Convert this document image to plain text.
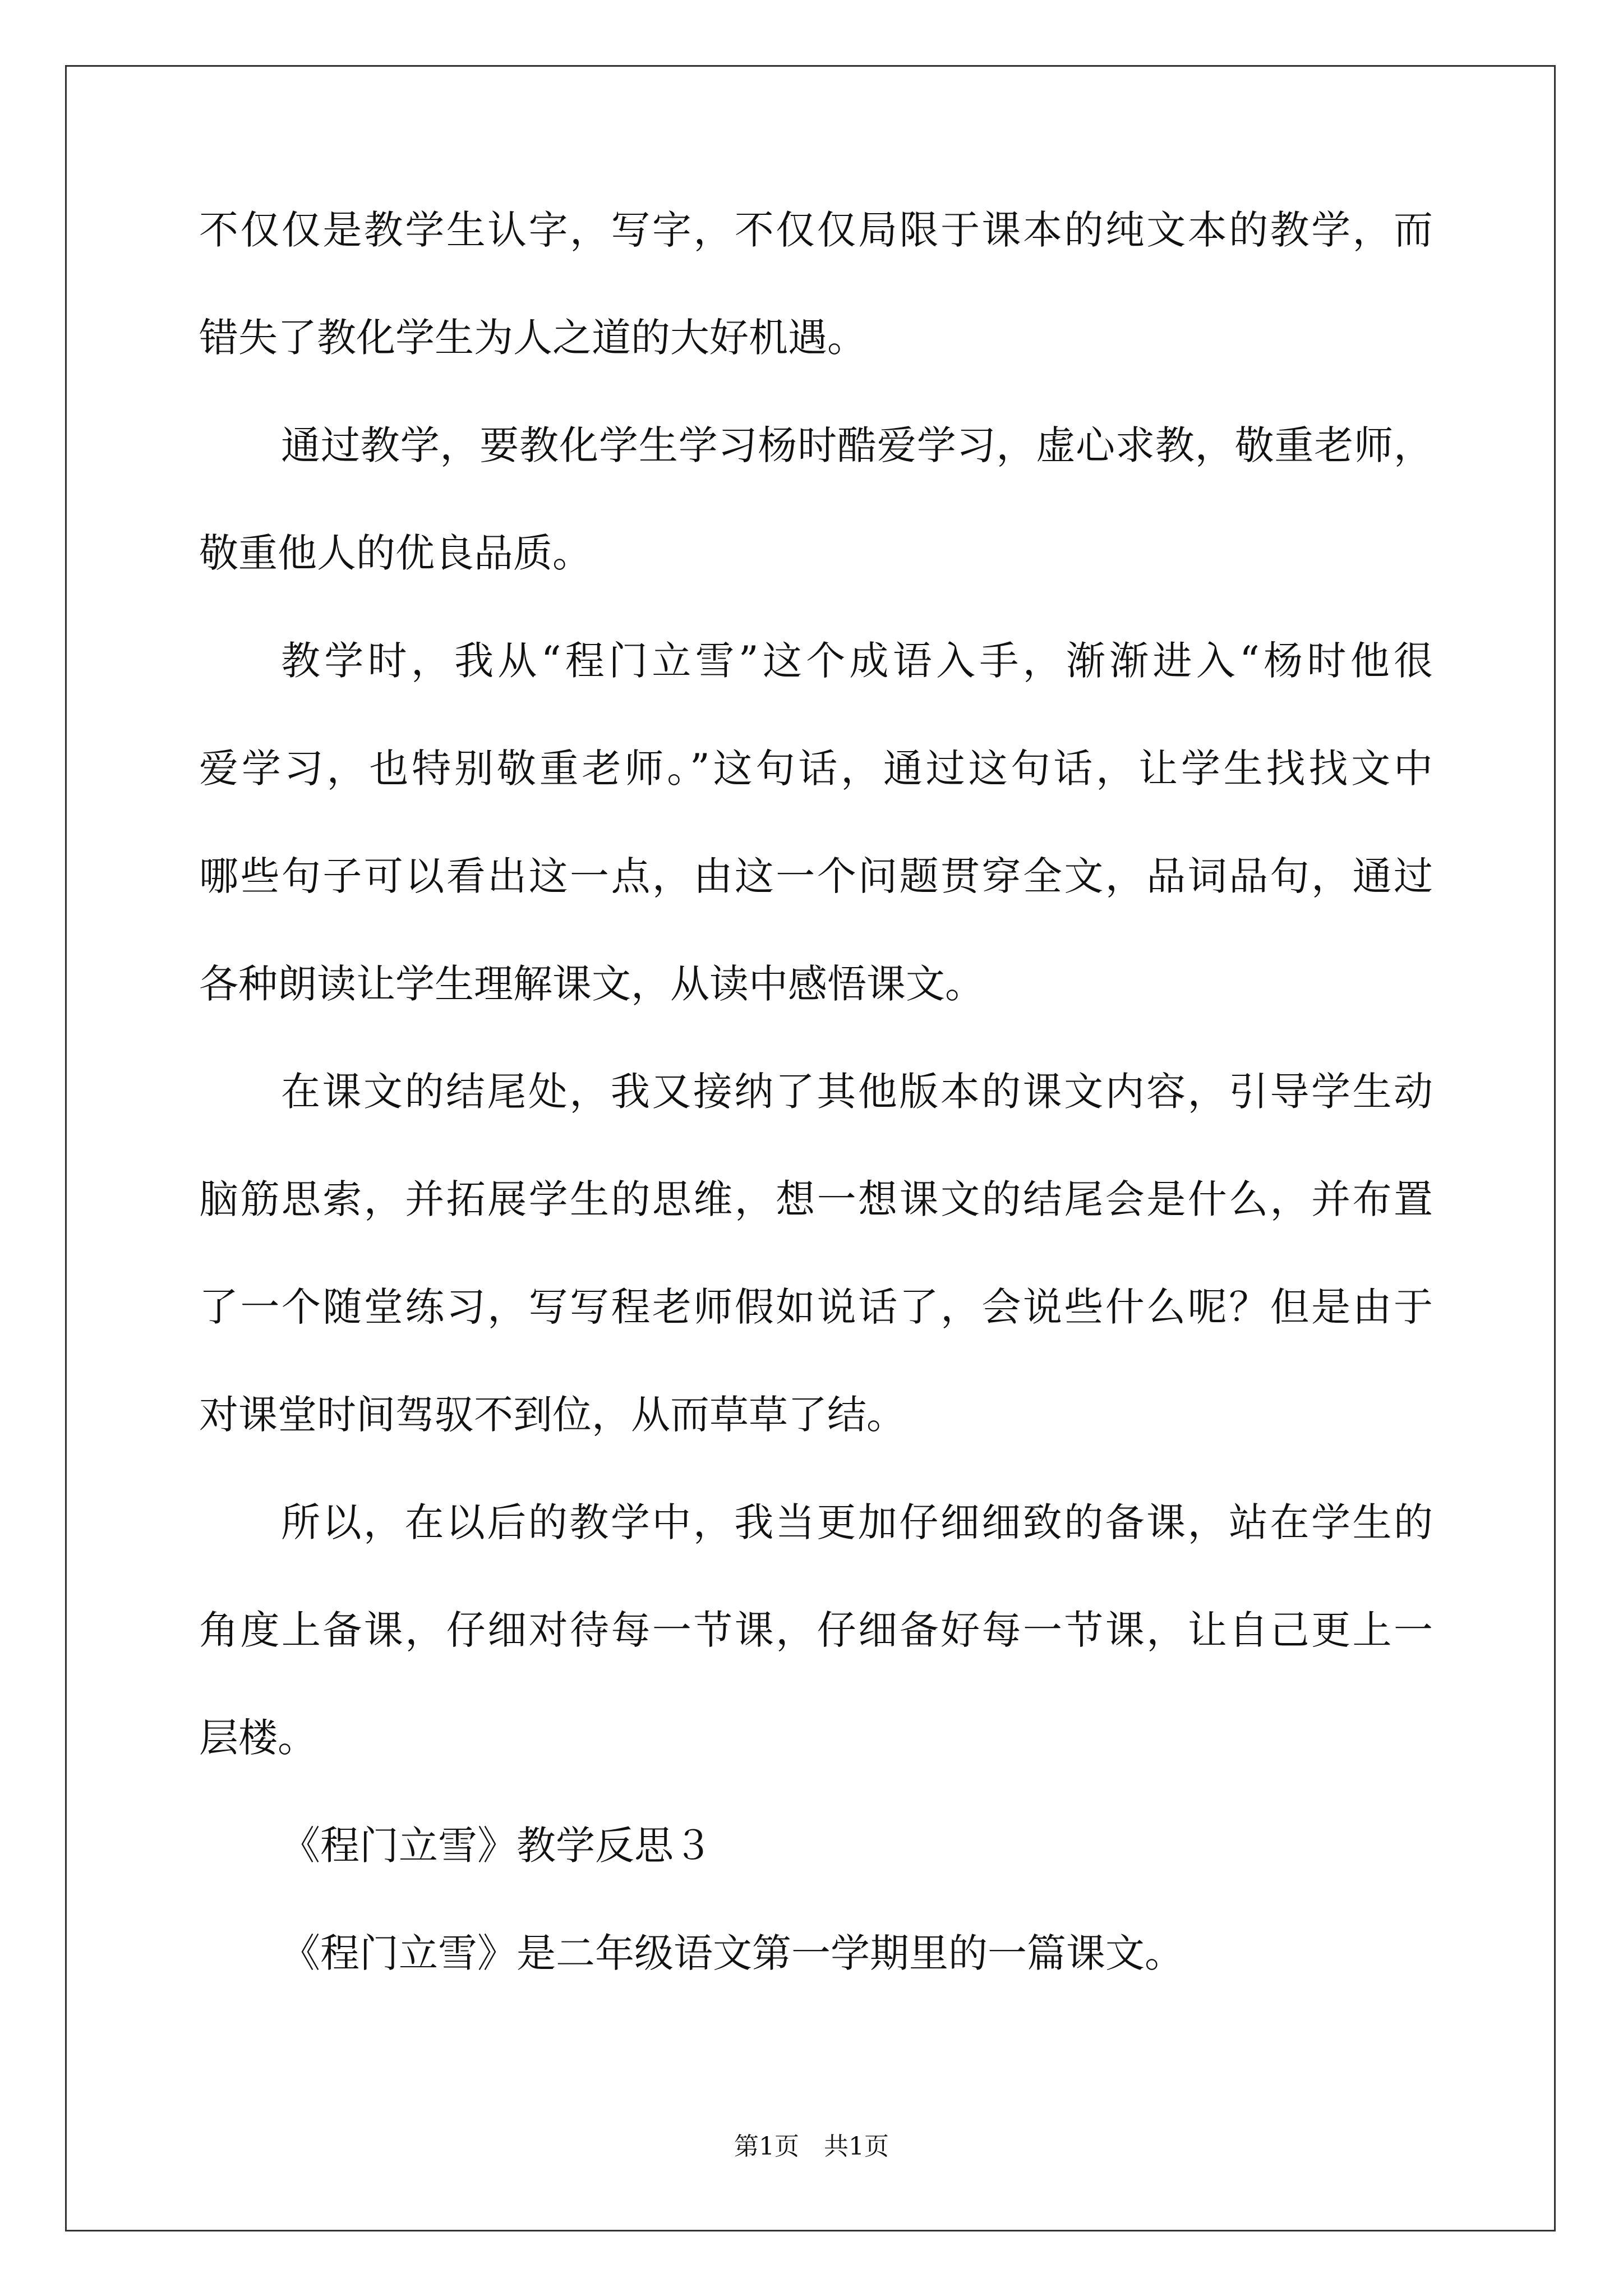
不仅仅是教学生认字，写字，不仅仅局限于课本的纯文本的教学，而
错失了教化学生为人之道的大好机遇。
通过教学，要教化学生学习杨时酷爱学习，虚心求教，敬重老师，
敬重他人的优良品质。
教学时，我从“程门立雪”这个成语入手，渐渐进入“杨时他很
爱学习，也特别敬重老师。”这句话，通过这句话，让学生找找文中
哪些句子可以看出这一点，由这一个问题贯穿全文，品词品句，通过
各种朗读让学生理解课文，从读中感悟课文。
在课文的结尾处，我又接纳了其他版本的课文内容，引导学生动
脑筋思索，并拓展学生的思维，想一想课文的结尾会是什么，并布置
了一个随堂练习，写写程老师假如说话了，会说些什么呢？但是由于
对课堂时间驾驭不到位，从而草草了结。
所以，在以后的教学中，我当更加仔细细致的备课，站在学生的
角度上备课，仔细对待每一节课，仔细备好每一节课，让自己更上一
层楼。
《程门立雪》教学反思３
《程门立雪》是二年级语文第一学期里的一篇课文。
第1页　共1页
